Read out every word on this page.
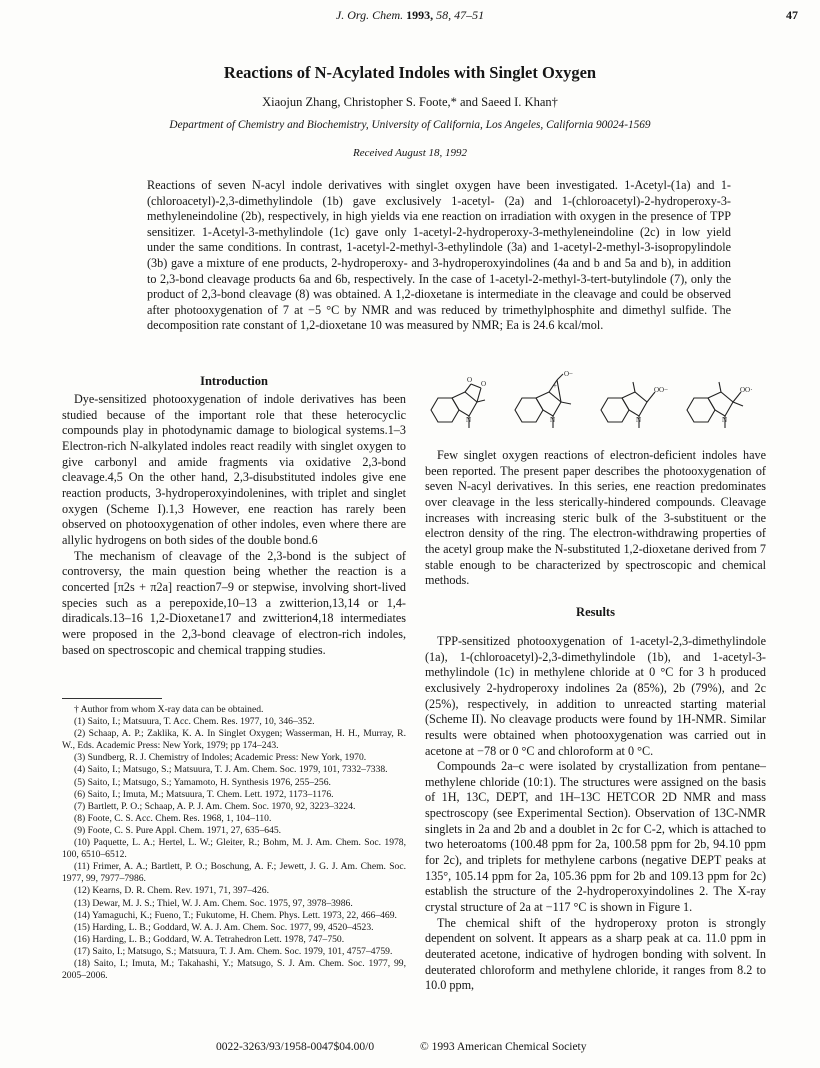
J. Org. Chem. 1993, 58, 47–51	47
Reactions of N-Acylated Indoles with Singlet Oxygen
Xiaojun Zhang, Christopher S. Foote,* and Saeed I. Khan†
Department of Chemistry and Biochemistry, University of California, Los Angeles, California 90024-1569
Received August 18, 1992
Reactions of seven N-acyl indole derivatives with singlet oxygen have been investigated. 1-Acetyl-(1a) and 1-(chloroacetyl)-2,3-dimethylindole (1b) gave exclusively 1-acetyl- (2a) and 1-(chloroacetyl)-2-hydroperoxy-3-methyleneindoline (2b), respectively, in high yields via ene reaction on irradiation with oxygen in the presence of TPP sensitizer. 1-Acetyl-3-methylindole (1c) gave only 1-acetyl-2-hydroperoxy-3-methyleneindoline (2c) in low yield under the same conditions. In contrast, 1-acetyl-2-methyl-3-ethylindole (3a) and 1-acetyl-2-methyl-3-isopropylindole (3b) gave a mixture of ene products, 2-hydroperoxy- and 3-hydroperoxyindolines (4a and b and 5a and b), in addition to 2,3-bond cleavage products 6a and 6b, respectively. In the case of 1-acetyl-2-methyl-3-tert-butylindole (7), only the product of 2,3-bond cleavage (8) was obtained. A 1,2-dioxetane is intermediate in the cleavage and could be observed after photooxygenation of 7 at −5 °C by NMR and was reduced by trimethylphosphite and dimethyl sulfide. The decomposition rate constant of 1,2-dioxetane 10 was measured by NMR; Ea is 24.6 kcal/mol.
Introduction

Dye-sensitized photooxygenation of indole derivatives has been studied because of the important role that these heterocyclic compounds play in photodynamic damage to biological systems.1–3 Electron-rich N-alkylated indoles react readily with singlet oxygen to give carbonyl and amide fragments via oxidative 2,3-bond cleavage.4,5 On the other hand, 2,3-disubstituted indoles give ene reaction products, 3-hydroperoxyindolenines, with triplet and singlet oxygen (Scheme I).1,3 However, ene reaction has rarely been observed on photooxygenation of other indoles, even where there are allylic hydrogens on both sides of the double bond.6

The mechanism of cleavage of the 2,3-bond is the subject of controversy, the main question being whether the reaction is a concerted [π2s + π2a] reaction7–9 or stepwise, involving short-lived species such as a perepoxide,10–13 a zwitterion,13,14 or 1,4-diradicals.13–16 1,2-Dioxetane17 and zwitterion4,18 intermediates were proposed in the 2,3-bond cleavage of electron-rich indoles, based on spectroscopic and chemical trapping studies.

† Author from whom X-ray data can be obtained.

(1) Saito, I.; Matsuura, T. Acc. Chem. Res. 1977, 10, 346–352.

(2) Schaap, A. P.; Zaklika, K. A. In Singlet Oxygen; Wasserman, H. H., Murray, R. W., Eds. Academic Press: New York, 1979; pp 174–243.

(3) Sundberg, R. J. Chemistry of Indoles; Academic Press: New York, 1970.

(4) Saito, I.; Matsugo, S.; Matsuura, T. J. Am. Chem. Soc. 1979, 101, 7332–7338.

(5) Saito, I.; Matsugo, S.; Yamamoto, H. Synthesis 1976, 255–256.

(6) Saito, I.; Imuta, M.; Matsuura, T. Chem. Lett. 1972, 1173–1176.

(7) Bartlett, P. O.; Schaap, A. P. J. Am. Chem. Soc. 1970, 92, 3223–3224.

(8) Foote, C. S. Acc. Chem. Res. 1968, 1, 104–110.

(9) Foote, C. S. Pure Appl. Chem. 1971, 27, 635–645.

(10) Paquette, L. A.; Hertel, L. W.; Gleiter, R.; Bohm, M. J. Am. Chem. Soc. 1978, 100, 6510–6512.

(11) Frimer, A. A.; Bartlett, P. O.; Boschung, A. F.; Jewett, J. G. J. Am. Chem. Soc. 1977, 99, 7977–7986.

(12) Kearns, D. R. Chem. Rev. 1971, 71, 397–426.

(13) Dewar, M. J. S.; Thiel, W. J. Am. Chem. Soc. 1975, 97, 3978–3986.

(14) Yamaguchi, K.; Fueno, T.; Fukutome, H. Chem. Phys. Lett. 1973, 22, 466–469.

(15) Harding, L. B.; Goddard, W. A. J. Am. Chem. Soc. 1977, 99, 4520–4523.

(16) Harding, L. B.; Goddard, W. A. Tetrahedron Lett. 1978, 747–750.

(17) Saito, I.; Matsugo, S.; Matsuura, T. J. Am. Chem. Soc. 1979, 101, 4757–4759.

(18) Saito, I.; Imuta, M.; Takahashi, Y.; Matsugo, S. J. Am. Chem. Soc. 1977, 99, 2005–2006.

O O
N
O−
+
N
OO−
N
OO·
N

Few singlet oxygen reactions of electron-deficient indoles have been reported. The present paper describes the photooxygenation of seven N-acyl derivatives. In this series, ene reaction predominates over cleavage in the less sterically-hindered compounds. Cleavage increases with increasing steric bulk of the 3-substituent or the electron density of the ring. The electron-withdrawing properties of the acetyl group make the N-substituted 1,2-dioxetane derived from 7 stable enough to be characterized by spectroscopic and chemical methods.

Results

TPP-sensitized photooxygenation of 1-acetyl-2,3-dimethylindole (1a), 1-(chloroacetyl)-2,3-dimethylindole (1b), and 1-acetyl-3-methylindole (1c) in methylene chloride at 0 °C for 3 h produced exclusively 2-hydroperoxy indolines 2a (85%), 2b (79%), and 2c (25%), respectively, in addition to unreacted starting material (Scheme II). No cleavage products were found by 1H-NMR. Similar results were obtained when photooxygenation was carried out in acetone at −78 or 0 °C and chloroform at 0 °C.

Compounds 2a–c were isolated by crystallization from pentane–methylene chloride (10:1). The structures were assigned on the basis of 1H, 13C, DEPT, and 1H–13C HETCOR 2D NMR and mass spectroscopy (see Experimental Section). Observation of 13C-NMR singlets in 2a and 2b and a doublet in 2c for C-2, which is attached to two heteroatoms (100.48 ppm for 2a, 100.58 ppm for 2b, 94.10 ppm for 2c), and triplets for methylene carbons (negative DEPT peaks at 135°, 105.14 ppm for 2a, 105.36 ppm for 2b and 109.13 ppm for 2c) establish the structure of the 2-hydroperoxyindolines 2. The X-ray crystal structure of 2a at −117 °C is shown in Figure 1.

The chemical shift of the hydroperoxy proton is strongly dependent on solvent. It appears as a sharp peak at ca. 11.0 ppm in deuterated acetone, indicative of hydrogen bonding with solvent. In deuterated chloroform and methylene chloride, it ranges from 8.2 to 10.0 ppm,

0022-3263/93/1958-0047$04.00/0	© 1993 American Chemical Society
